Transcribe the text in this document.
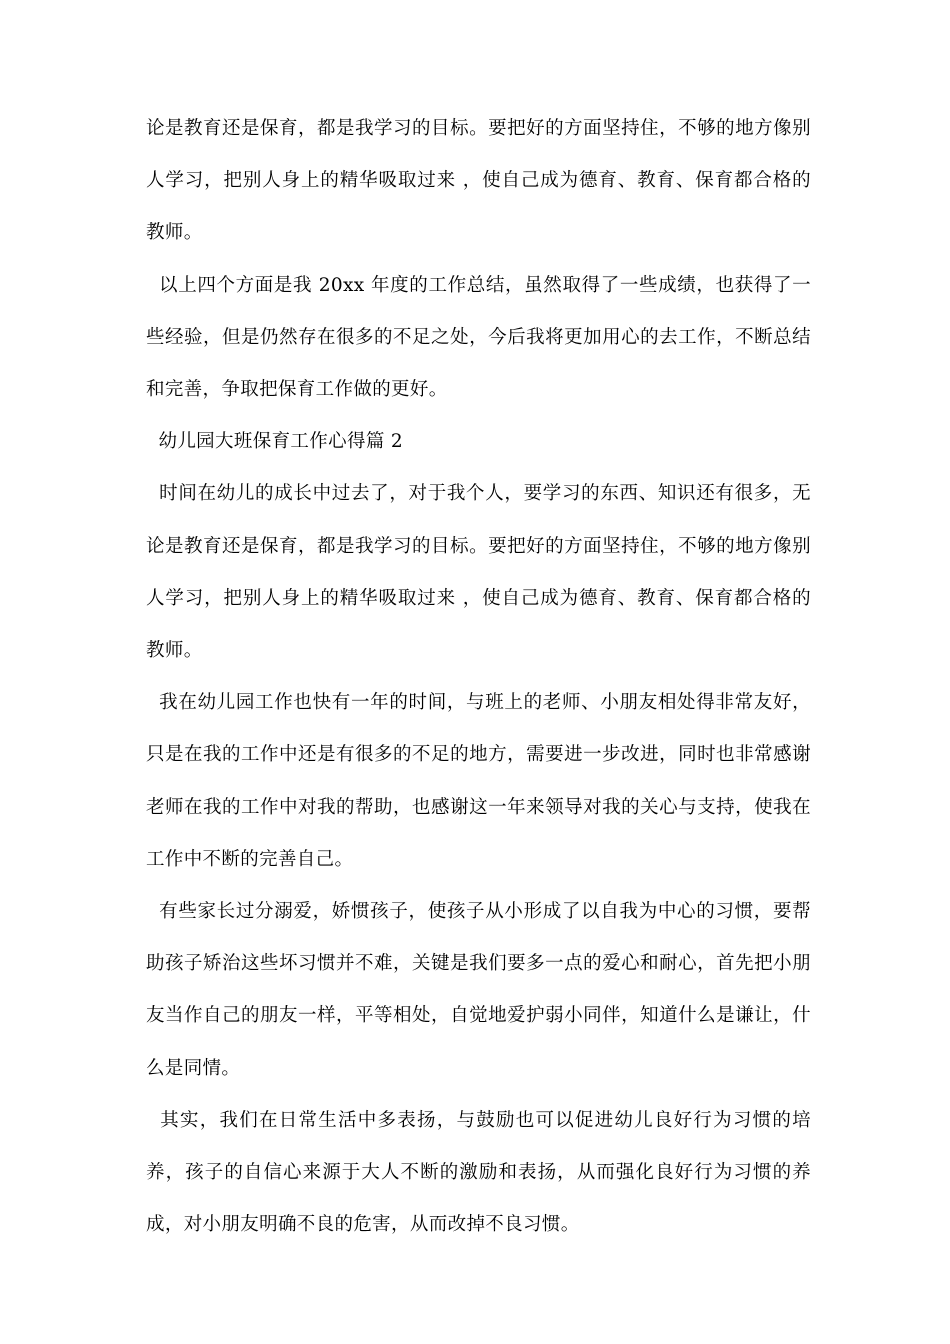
论是教育还是保育，都是我学习的目标。要把好的方面坚持住，不够的地方像别人学习，把别人身上的精华吸取过来 ，使自己成为德育、教育、保育都合格的教师。

以上四个方面是我 20xx 年度的工作总结，虽然取得了一些成绩，也获得了一些经验，但是仍然存在很多的不足之处，今后我将更加用心的去工作，不断总结和完善，争取把保育工作做的更好。

幼儿园大班保育工作心得篇 2

时间在幼儿的成长中过去了，对于我个人，要学习的东西、知识还有很多，无论是教育还是保育，都是我学习的目标。要把好的方面坚持住，不够的地方像别人学习，把别人身上的精华吸取过来 ，使自己成为德育、教育、保育都合格的教师。

我在幼儿园工作也快有一年的时间，与班上的老师、小朋友相处得非常友好，只是在我的工作中还是有很多的不足的地方，需要进一步改进，同时也非常感谢老师在我的工作中对我的帮助，也感谢这一年来领导对我的关心与支持，使我在工作中不断的完善自己。

有些家长过分溺爱，娇惯孩子，使孩子从小形成了以自我为中心的习惯，要帮助孩子矫治这些坏习惯并不难，关键是我们要多一点的爱心和耐心，首先把小朋友当作自己的朋友一样，平等相处，自觉地爱护弱小同伴，知道什么是谦让，什么是同情。

其实，我们在日常生活中多表扬，与鼓励也可以促进幼儿良好行为习惯的培养，孩子的自信心来源于大人不断的激励和表扬，从而强化良好行为习惯的养成，对小朋友明确不良的危害，从而改掉不良习惯。
